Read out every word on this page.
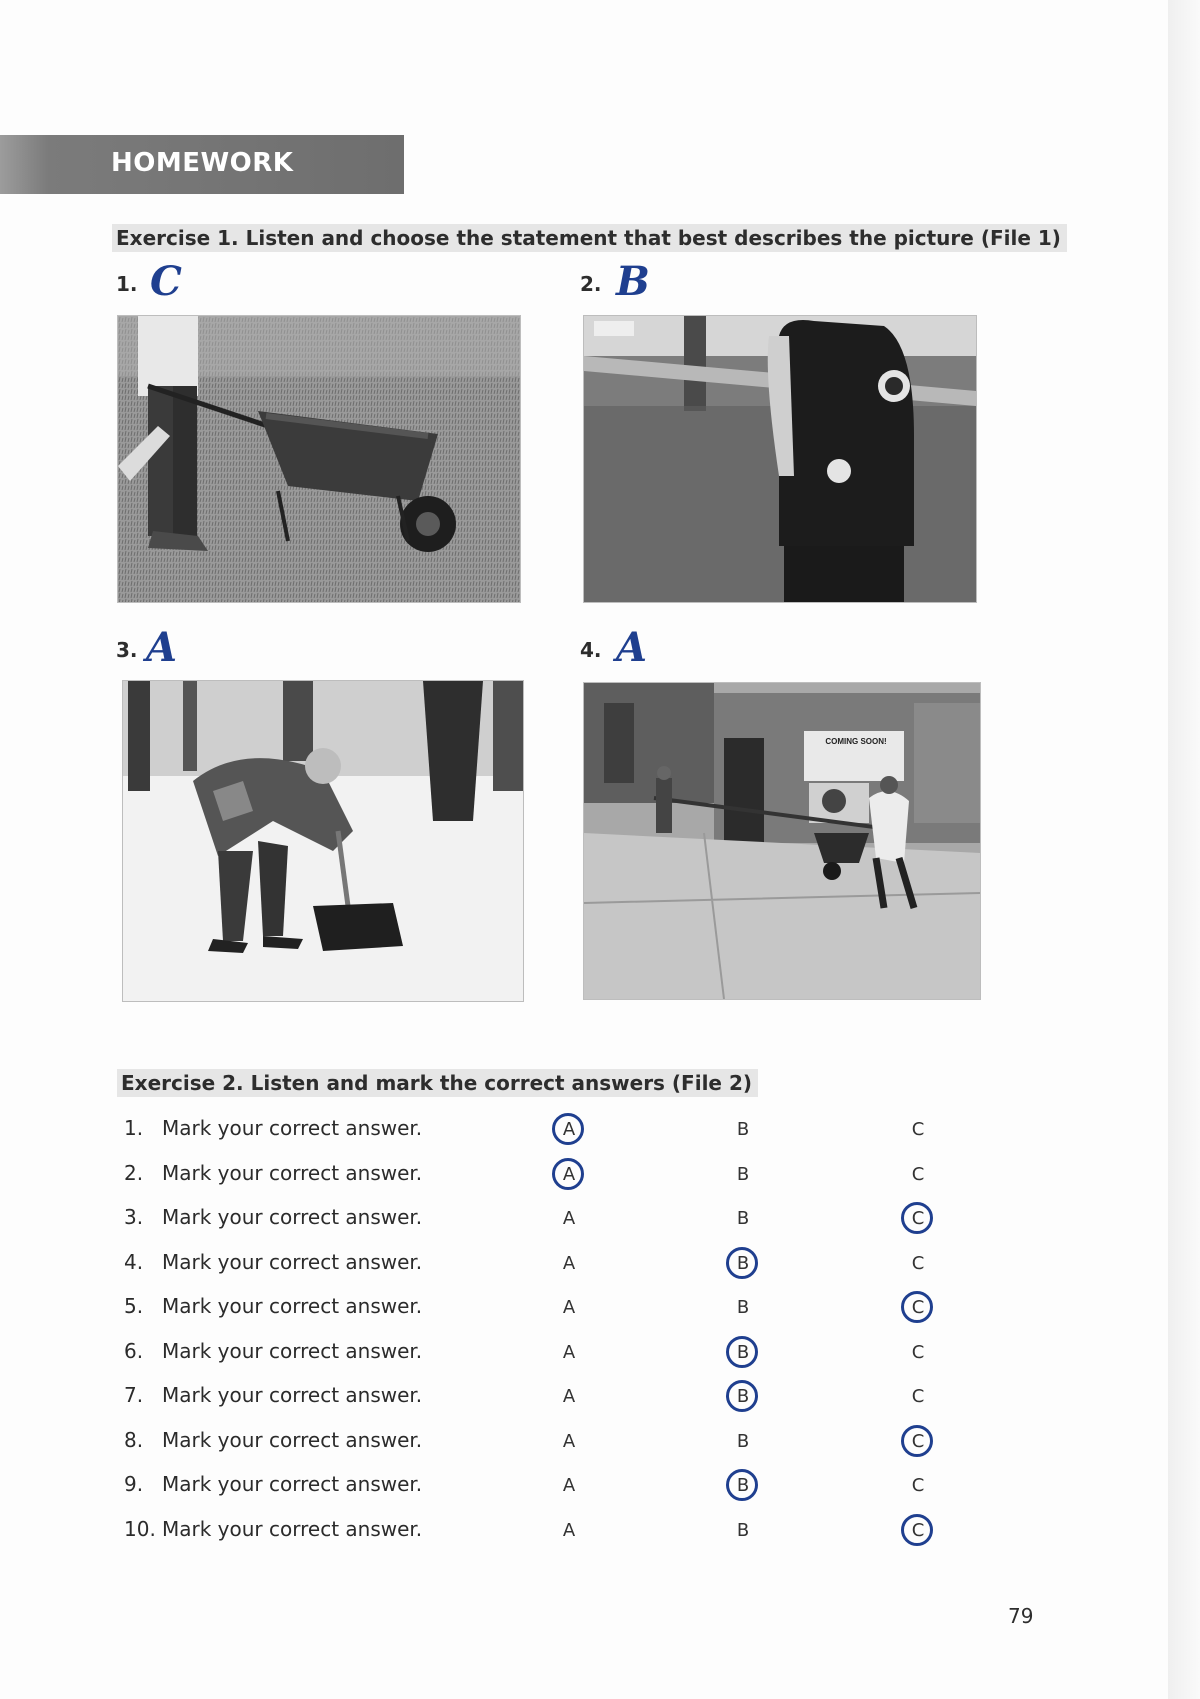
HOMEWORK
Exercise 1. Listen and choose the statement that best describes the picture (File 1)
1. C	2. B
3. A	4. A
COMING SOON!
Exercise 2. Listen and mark the correct answers (File 2)
1. Mark your correct answer.	A	B	C
2. Mark your correct answer.	A	B	C
3. Mark your correct answer.	A	B	C
4. Mark your correct answer.	A	B	C
5. Mark your correct answer.	A	B	C
6. Mark your correct answer.	A	B	C
7. Mark your correct answer.	A	B	C
8. Mark your correct answer.	A	B	C
9. Mark your correct answer.	A	B	C
10. Mark your correct answer.	A	B	C
79
